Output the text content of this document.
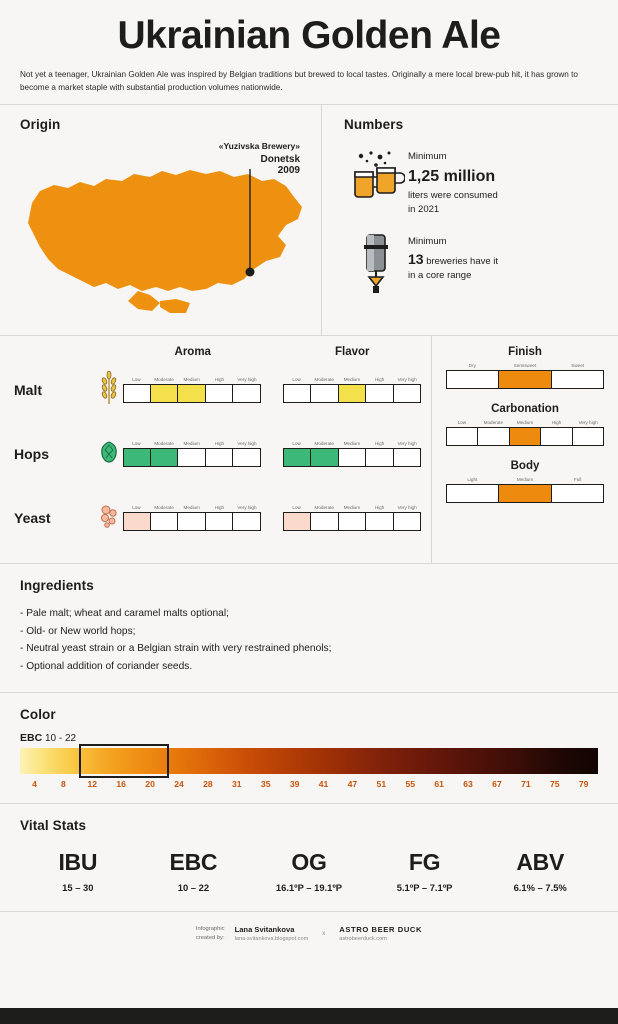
Ukrainian Golden Ale
Not yet a teenager, Ukrainian Golden Ale was inspired by Belgian traditions but brewed to local tastes. Originally a mere local brew-pub hit, it has grown to become a market staple with substantial production volumes nationwide.
Origin
«Yuzivska Brewery»
Donetsk
2009
Numbers
Minimum
1,25 million
liters were consumed
in 2021
Minimum
13 breweries have it
in a core range
Aroma	Flavor
Malt
Low	Moderate	Medium	High	Very high	Low	Moderate	Medium	High	Very high
Hops
Low	Moderate	Medium	High	Very high	Low	Moderate	Medium	High	Very high
Yeast
Low	Moderate	Medium	High	Very high	Low	Moderate	Medium	High	Very high
Finish
Dry	Semisweet	Sweet
Carbonation
Low	Moderate	Medium	High	Very high
Body
Light	Medium	Full
Ingredients
- Pale malt; wheat and caramel malts optional;
- Old- or New world hops;
- Neutral yeast strain or a Belgian strain with very restrained phenols;
- Optional addition of coriander seeds.
Color
EBC 10 - 22
4	8	12	16	20	24	28	31	35	39	41	47	51	55	61	63	67	71	75	79
Vital Stats
IBU
15 – 30
EBC
10 – 22
OG
16.1ºP – 19.1ºP
FG
5.1ºP – 7.1ºP
ABV
6.1% – 7.5%
Infographic
created by:
Lana Svitankova
lana-svitankova.blogspot.com
x ASTRO BEER DUCK
astrobeerduck.com
